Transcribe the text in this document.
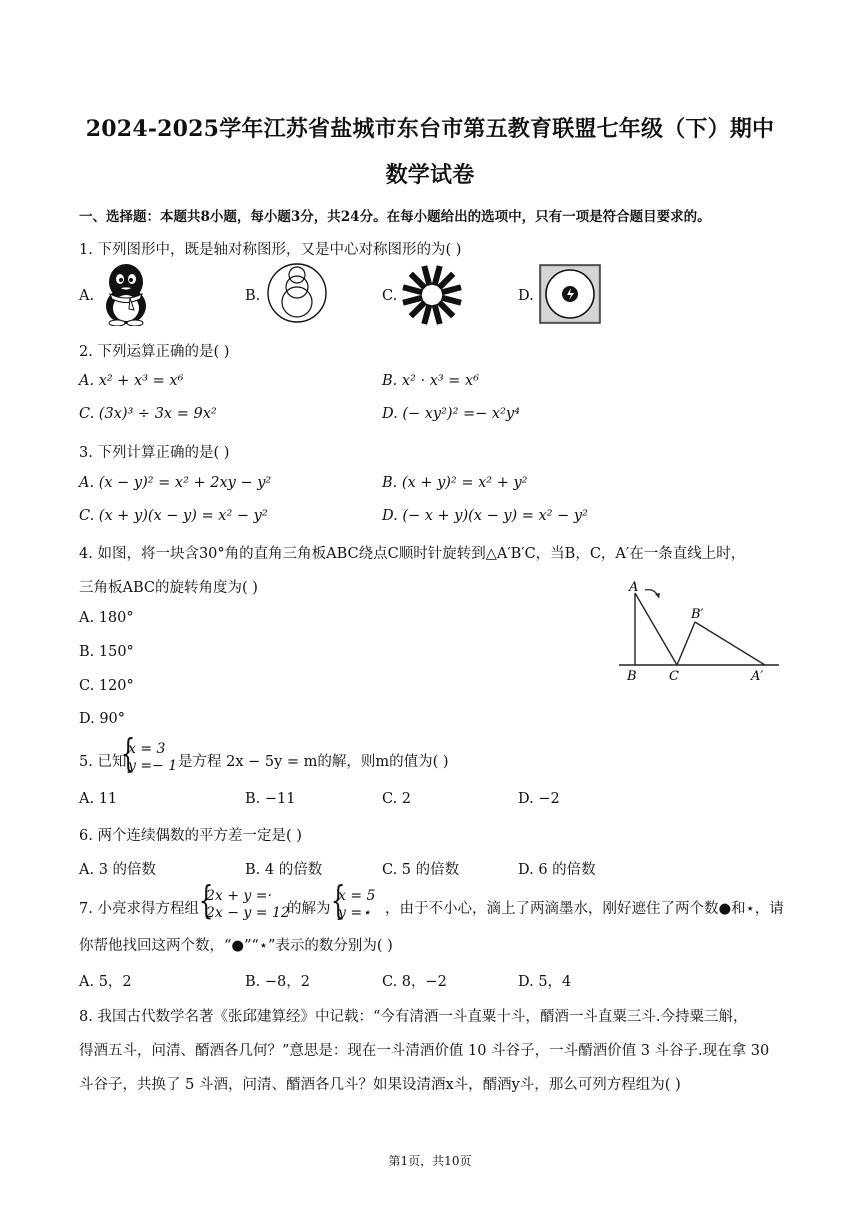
2024-2025学年江苏省盐城市东台市第五教育联盟七年级（下）期中
数学试卷
一、选择题：本题共8小题，每小题3分，共24分。在每小题给出的选项中，只有一项是符合题目要求的。
1. 下列图形中，既是轴对称图形，又是中心对称图形的为( )
A.	B.	C.	D.
2. 下列运算正确的是( )
A. x² + x³ = x⁶	B. x² · x³ = x⁶
C. (3x)³ ÷ 3x = 9x²	D. (− xy²)² =− x²y⁴
3. 下列计算正确的是( )
A. (x − y)² = x² + 2xy − y²	B. (x + y)² = x² + y²
C. (x + y)(x − y) = x² − y²	D. (− x + y)(x − y) = x² − y²
4. 如图，将一块含30°角的直角三角板ABC绕点C顺时针旋转到△A′B′C，当B，C，A′在一条直线上时，
三角板ABC的旋转角度为( )
A. 180°
B. 150°
C. 120°
D. 90°
A
B C
B′
A′
5. 已知
{
x = 3
y =− 1 是方程 2x − 5y = m的解，则m的值为( )
A. 11	B. −11	C. 2	D. −2
6. 两个连续偶数的平方差一定是( )
A. 3 的倍数	B. 4 的倍数	C. 5 的倍数	D. 6 的倍数
7. 小亮求得方程组 {
2x + y =·
2x − y = 12
的解为 {
x = 5
y =⋆ ，由于不小心，滴上了两滴墨水，刚好遮住了两个数●和⋆，请
你帮他找回这两个数，“●”“⋆”表示的数分别为( )
A. 5，2	B. −8，2	C. 8，−2	D. 5，4
8. 我国古代数学名著《张邱建算经》中记载：“今有清酒一斗直粟十斗，醑酒一斗直粟三斗.今持粟三斛，
得酒五斗，问清、醑酒各几何？”意思是：现在一斗清酒价值 10 斗谷子，一斗醑酒价值 3 斗谷子.现在拿 30
斗谷子，共换了 5 斗酒，问清、醑酒各几斗？如果设清酒x斗，醑酒y斗，那么可列方程组为( )
第1页，共10页
